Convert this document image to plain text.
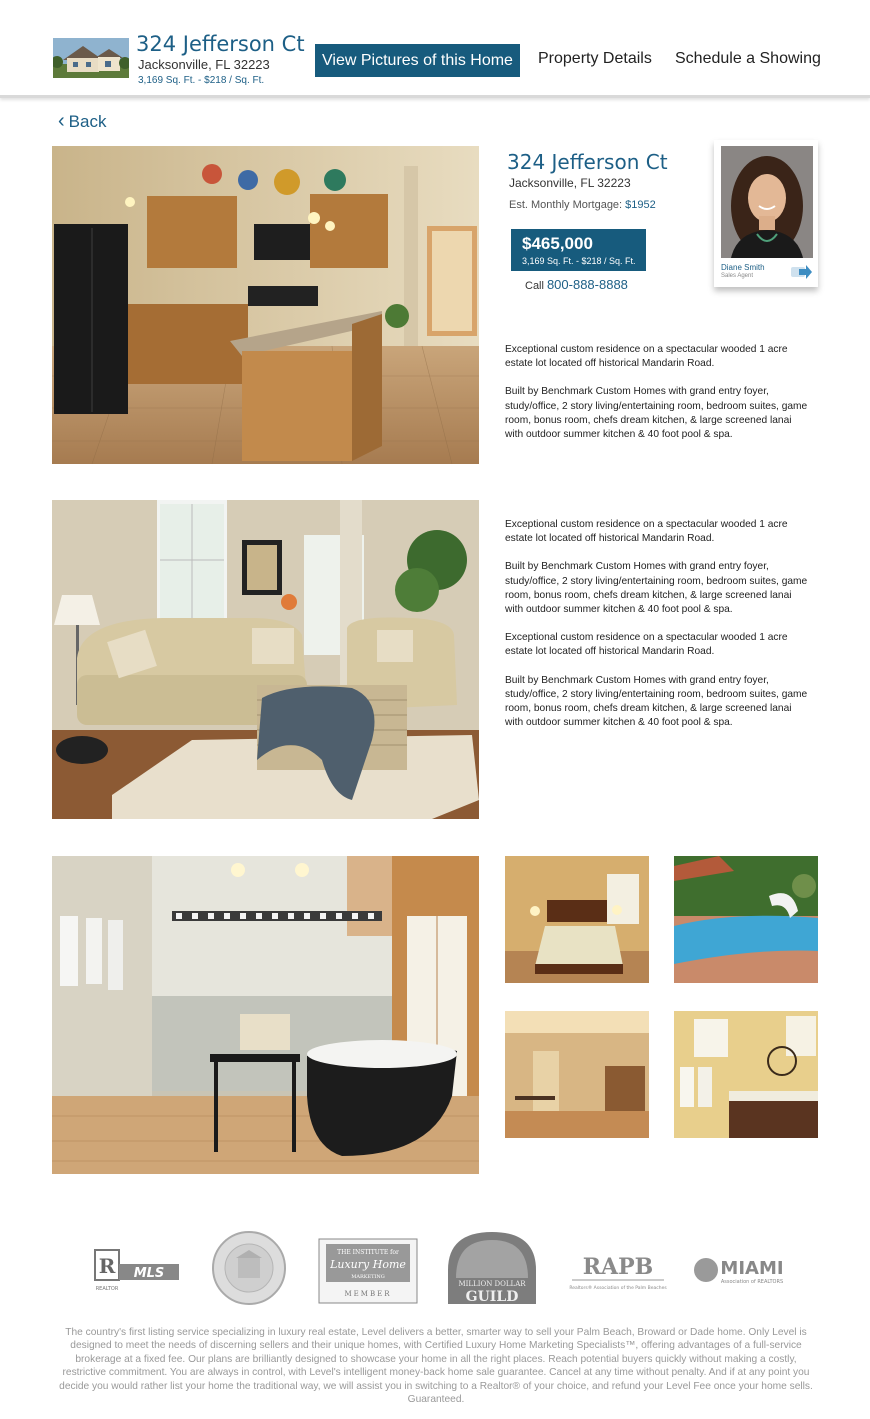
324 Jefferson Ct
Jacksonville, FL 32223
3,169 Sq. Ft. - $218 / Sq. Ft.
View Pictures of this Home	Property Details Schedule a Showing
‹ Back
324 Jefferson Ct
Jacksonville, FL 32223
Est. Monthly Mortgage: $1952
$465,000
3,169 Sq. Ft. - $218 / Sq. Ft.
Call 800-888-8888
Diane Smith
Sales Agent

Exceptional custom residence on a spectacular wooded 1 acre estate lot located off historical Mandarin Road.

Built by Benchmark Custom Homes with grand entry foyer, study/office, 2 story living/entertaining room, bedroom suites, game room, bonus room, chefs dream kitchen, & large screened lanai with outdoor summer kitchen & 40 foot pool & spa.

Exceptional custom residence on a spectacular wooded 1 acre estate lot located off historical Mandarin Road.

Built by Benchmark Custom Homes with grand entry foyer, study/office, 2 story living/entertaining room, bedroom suites, game room, bonus room, chefs dream kitchen, & large screened lanai with outdoor summer kitchen & 40 foot pool & spa.

Exceptional custom residence on a spectacular wooded 1 acre estate lot located off historical Mandarin Road.

Built by Benchmark Custom Homes with grand entry foyer, study/office, 2 story living/entertaining room, bedroom suites, game room, bonus room, chefs dream kitchen, & large screened lanai with outdoor summer kitchen & 40 foot pool & spa.

R MLS
REALTOR
THE INSTITUTE for
Luxury Home
MARKETING
MEMBER
MILLION DOLLAR
GUILD
RAPB
Realtors® Association of the Palm Beaches
MIAMI
Association of REALTORS
The country's first listing service specializing in luxury real estate, Level delivers a better, smarter way to sell your Palm Beach, Broward or Dade home. Only Level is designed to meet the needs of discerning sellers and their unique homes, with Certified Luxury Home Marketing Specialists™, offering advantages of a full-service brokerage at a fixed fee. Our plans are brilliantly designed to showcase your home in all the right places. Reach potential buyers quickly without making a costly, restrictive commitment. You are always in control, with Level's intelligent money-back home sale guarantee. Cancel at any time without penalty. And if at any point you decide you would rather list your home the traditional way, we will assist you in switching to a Realtor® of your choice, and refund your Level Fee once your home sells. Guaranteed.
